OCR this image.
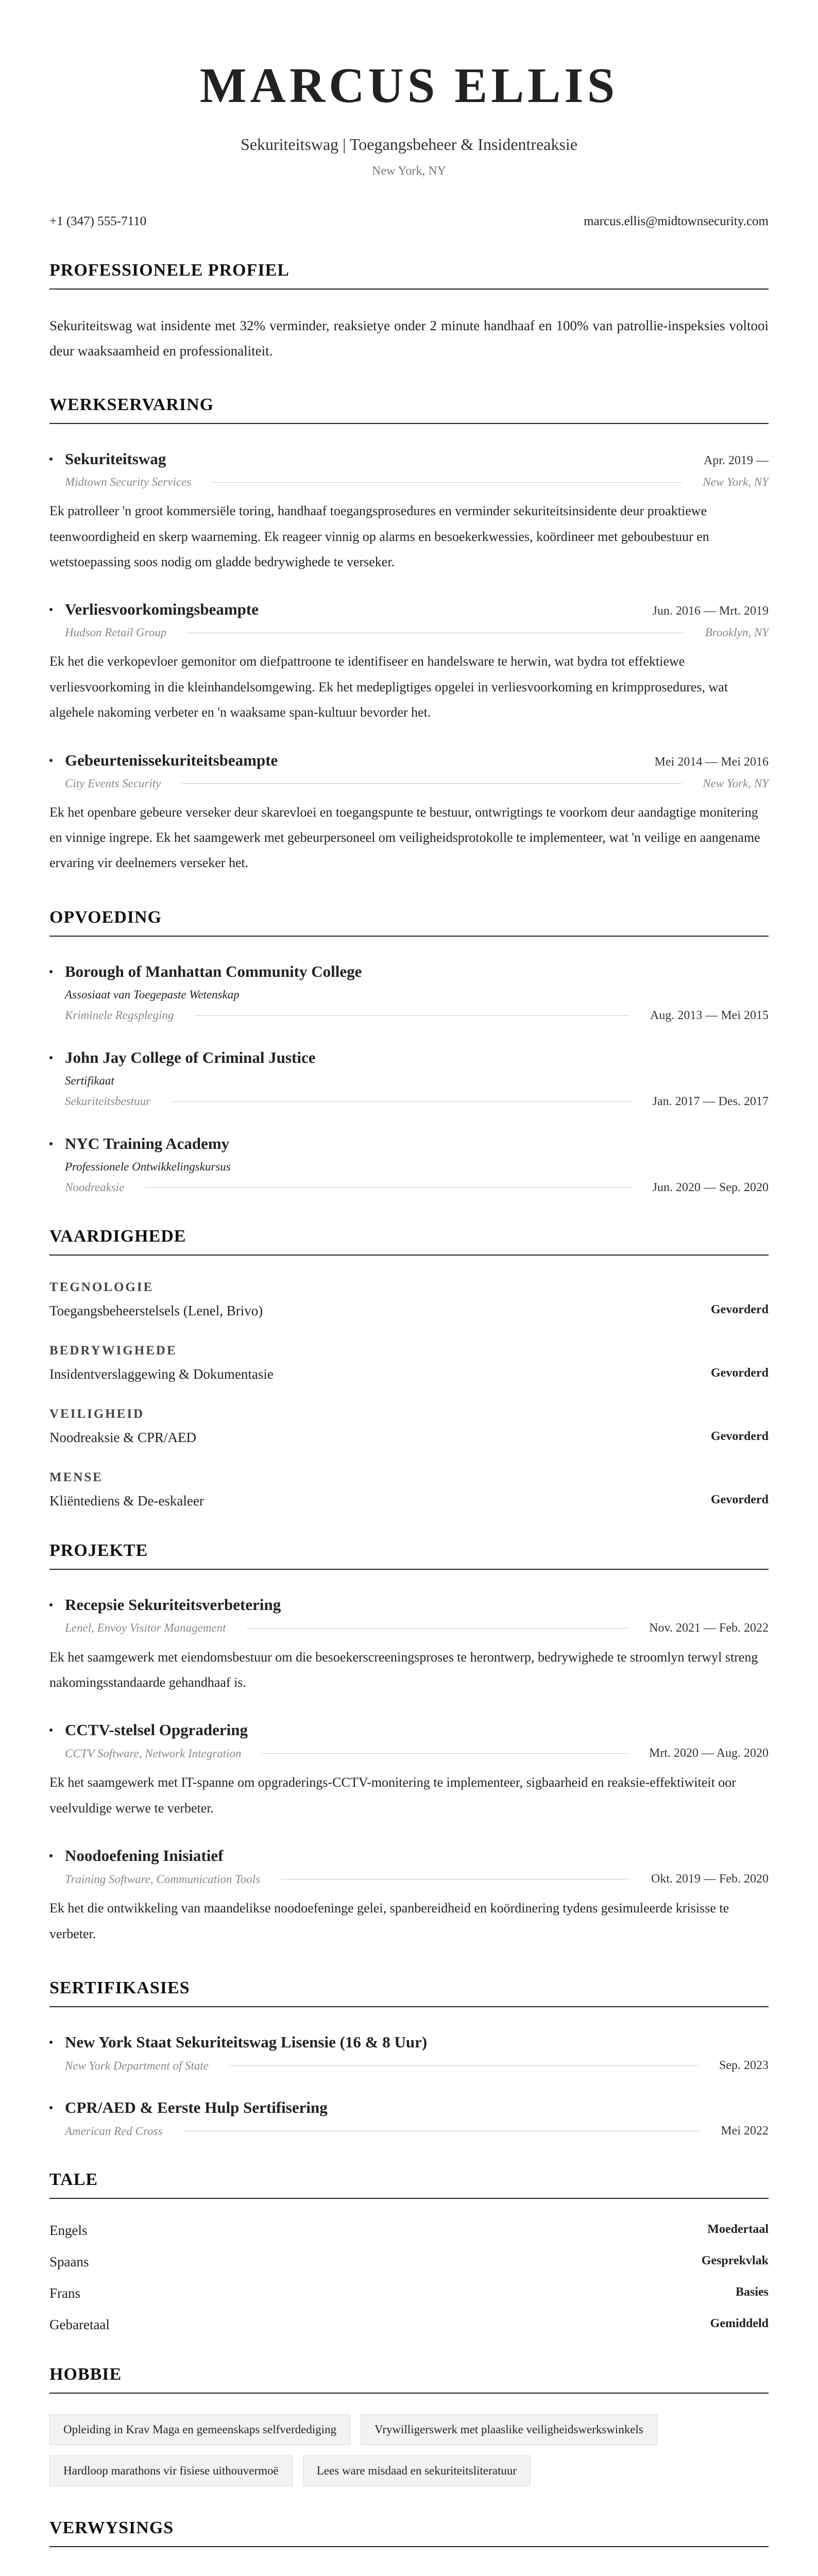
MARCUS ELLIS
Sekuriteitswag | Toegangsbeheer & Insidentreaksie
New York, NY
+1 (347) 555-7110	marcus.ellis@midtownsecurity.com
PROFESSIONELE PROFIEL

Sekuriteitswag wat insidente met 32% verminder, reaksietye onder 2 minute handhaaf en 100% van patrollie-inspeksies voltooi deur waaksaamheid en professionaliteit.

WERKSERVARING
Sekuriteitswag	Apr. 2019 —
Midtown Security Services	New York, NY
Ek patrolleer 'n groot kommersiële toring, handhaaf toegangsprosedures en verminder sekuriteitsinsidente deur proaktiewe teenwoordigheid en skerp waarneming. Ek reageer vinnig op alarms en besoekerkwessies, koördineer met geboubestuur en wetstoepassing soos nodig om gladde bedrywighede te verseker.
Verliesvoorkomingsbeampte	Jun. 2016 — Mrt. 2019
Hudson Retail Group	Brooklyn, NY
Ek het die verkopevloer gemonitor om diefpattroone te identifiseer en handelsware te herwin, wat bydra tot effektiewe verliesvoorkoming in die kleinhandelsomgewing. Ek het medepligtiges opgelei in verliesvoorkoming en krimpprosedures, wat algehele nakoming verbeter en 'n waaksame span-kultuur bevorder het.
Gebeurtenissekuriteitsbeampte	Mei 2014 — Mei 2016
City Events Security	New York, NY
Ek het openbare gebeure verseker deur skarevloei en toegangspunte te bestuur, ontwrigtings te voorkom deur aandagtige monitering en vinnige ingrepe. Ek het saamgewerk met gebeurpersoneel om veiligheidsprotokolle te implementeer, wat 'n veilige en aangename ervaring vir deelnemers verseker het.
OPVOEDING
Borough of Manhattan Community College
Assosiaat van Toegepaste Wetenskap
Kriminele Regspleging	Aug. 2013 — Mei 2015
John Jay College of Criminal Justice
Sertifikaat
Sekuriteitsbestuur	Jan. 2017 — Des. 2017
NYC Training Academy
Professionele Ontwikkelingskursus
Noodreaksie	Jun. 2020 — Sep. 2020
VAARDIGHEDE
TEGNOLOGIE
Toegangsbeheerstelsels (Lenel, Brivo)	Gevorderd
BEDRYWIGHEDE
Insidentverslaggewing & Dokumentasie	Gevorderd
VEILIGHEID
Noodreaksie & CPR/AED	Gevorderd
MENSE
Kliëntediens & De-eskaleer	Gevorderd
PROJEKTE
Recepsie Sekuriteitsverbetering
Lenel, Envoy Visitor Management	Nov. 2021 — Feb. 2022
Ek het saamgewerk met eiendomsbestuur om die besoekerscreeningsproses te herontwerp, bedrywighede te stroomlyn terwyl streng nakomingsstandaarde gehandhaaf is.
CCTV-stelsel Opgradering
CCTV Software, Network Integration	Mrt. 2020 — Aug. 2020
Ek het saamgewerk met IT-spanne om opgraderings-CCTV-monitering te implementeer, sigbaarheid en reaksie-effektiwiteit oor veelvuldige werwe te verbeter.
Noodoefening Inisiatief
Training Software, Communication Tools	Okt. 2019 — Feb. 2020
Ek het die ontwikkeling van maandelikse noodoefeninge gelei, spanbereidheid en koördinering tydens gesimuleerde krisisse te verbeter.
SERTIFIKASIES
New York Staat Sekuriteitswag Lisensie (16 & 8 Uur)
New York Department of State	Sep. 2023
CPR/AED & Eerste Hulp Sertifisering
American Red Cross	Mei 2022
TALE
Engels	Moedertaal
Spaans	Gesprekvlak
Frans	Basies
Gebaretaal	Gemiddeld
HOBBIE
Opleiding in Krav Maga en gemeenskaps selfverdediging	Vrywilligerswerk met plaaslike veiligheidswerkswinkels
Hardloop marathons vir fisiese uithouvermoë	Lees ware misdaad en sekuriteitsliteratuur
VERWYSINGS
